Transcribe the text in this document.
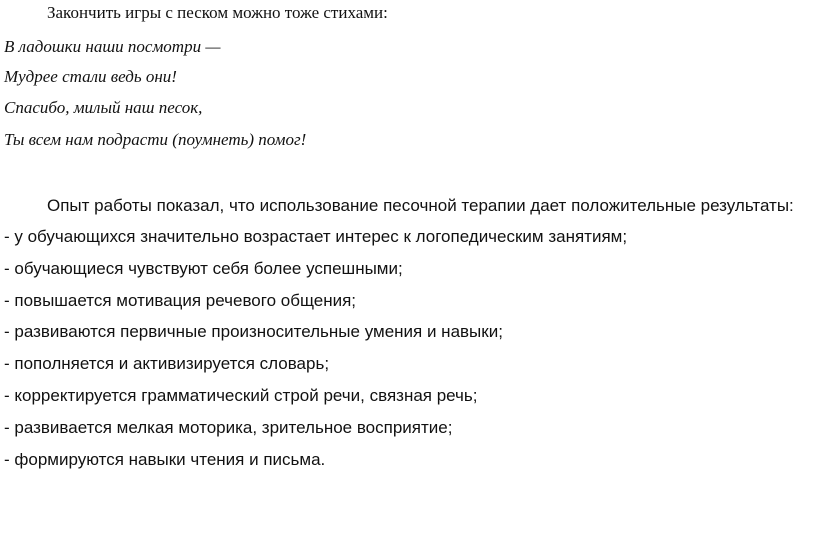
Закончить игры с песком можно тоже стихами:
В ладошки наши посмотри —
Мудрее стали ведь они!
Спасибо, милый наш песок,
Ты всем нам подрасти (поумнеть) помог!
Опыт работы показал, что использование песочной терапии дает положительные результаты:
- у обучающихся значительно возрастает интерес к логопедическим занятиям;
- обучающиеся чувствуют себя более успешными;
- повышается мотивация речевого общения;
- развиваются первичные произносительные умения и навыки;
- пополняется и активизируется словарь;
- корректируется грамматический строй речи, связная речь;
- развивается мелкая моторика, зрительное восприятие;
- формируются навыки чтения и письма.
